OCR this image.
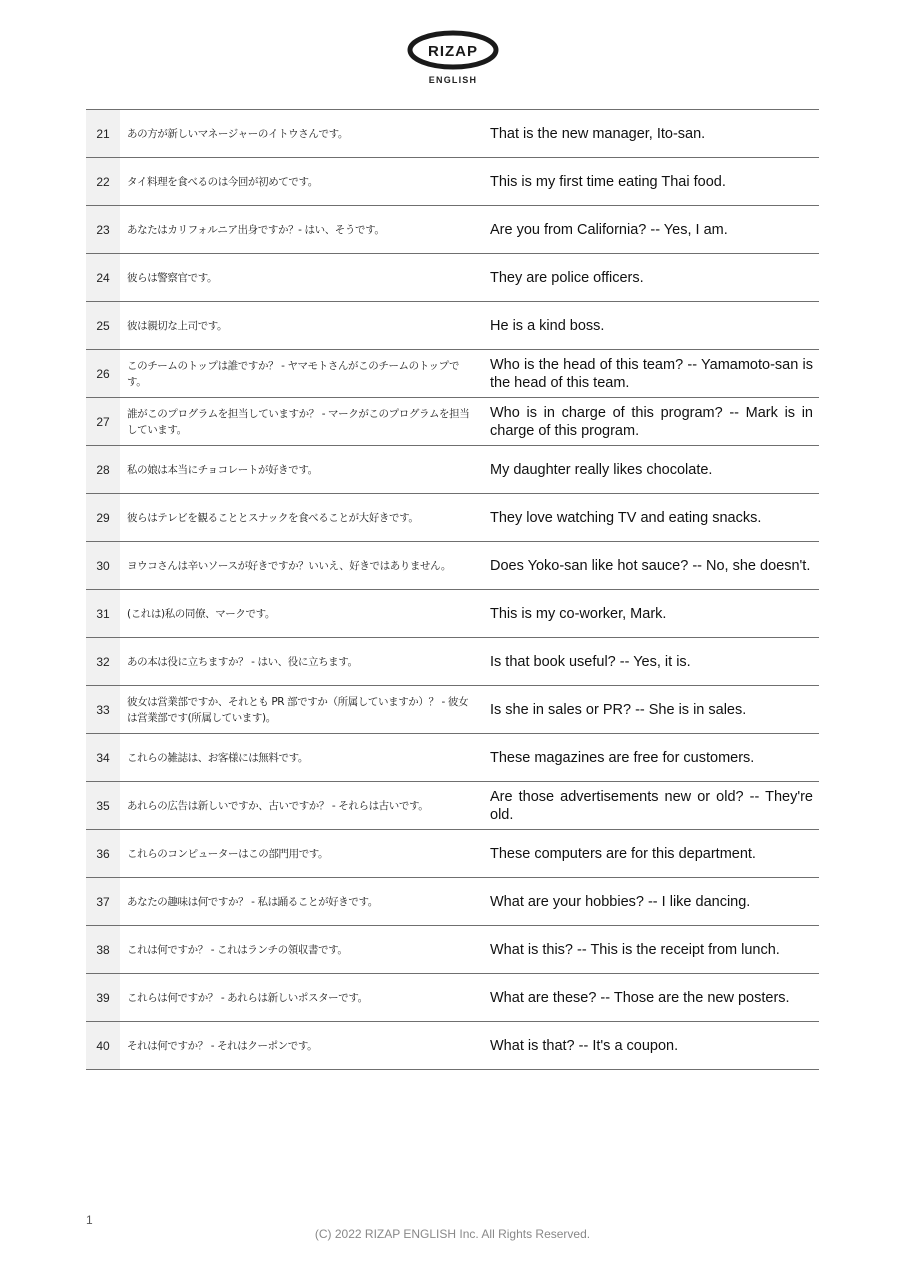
RIZAP
ENGLISH
21	あの方が新しいマネージャーのイトウさんです。	That is the new manager, Ito-san.
22	タイ料理を食べるのは今回が初めてです。	This is my first time eating Thai food.
23	あなたはカリフォルニア出身ですか？- はい、そうです。	Are you from California? -- Yes, I am.
24	彼らは警察官です。	They are police officers.
25	彼は親切な上司です。	He is a kind boss.
26	このチームのトップは誰ですか？ - ヤマモトさんがこのチームのトップです。	Who is the head of this team? -- Yamamoto-san is the head of this team.
27	誰がこのプログラムを担当していますか？ - マークがこのプログラムを担当しています。	Who is in charge of this program? -- Mark is in charge of this program.
28	私の娘は本当にチョコレートが好きです。	My daughter really likes chocolate.
29	彼らはテレビを観ることとスナックを食べることが大好きです。	They love watching TV and eating snacks.
30	ヨウコさんは辛いソースが好きですか？いいえ、好きではありません。	Does Yoko-san like hot sauce? -- No, she doesn't.
31	(これは)私の同僚、マークです。	This is my co-worker, Mark.
32	あの本は役に立ちますか？ - はい、役に立ちます。	Is that book useful? -- Yes, it is.
33	彼女は営業部ですか、それとも PR 部ですか（所属していますか）？ - 彼女は営業部です(所属しています)。	Is she in sales or PR? -- She is in sales.
34	これらの雑誌は、お客様には無料です。	These magazines are free for customers.
35	あれらの広告は新しいですか、古いですか？ - それらは古いです。	Are those advertisements new or old? -- They're old.
36	これらのコンピューターはこの部門用です。	These computers are for this department.
37	あなたの趣味は何ですか？ - 私は踊ることが好きです。	What are your hobbies? -- I like dancing.
38	これは何ですか？ - これはランチの領収書です。	What is this? -- This is the receipt from lunch.
39	これらは何ですか？ - あれらは新しいポスターです。	What are these? -- Those are the new posters.
40	それは何ですか？ - それはクーポンです。	What is that? -- It's a coupon.
1
(C) 2022 RIZAP ENGLISH Inc. All Rights Reserved.
